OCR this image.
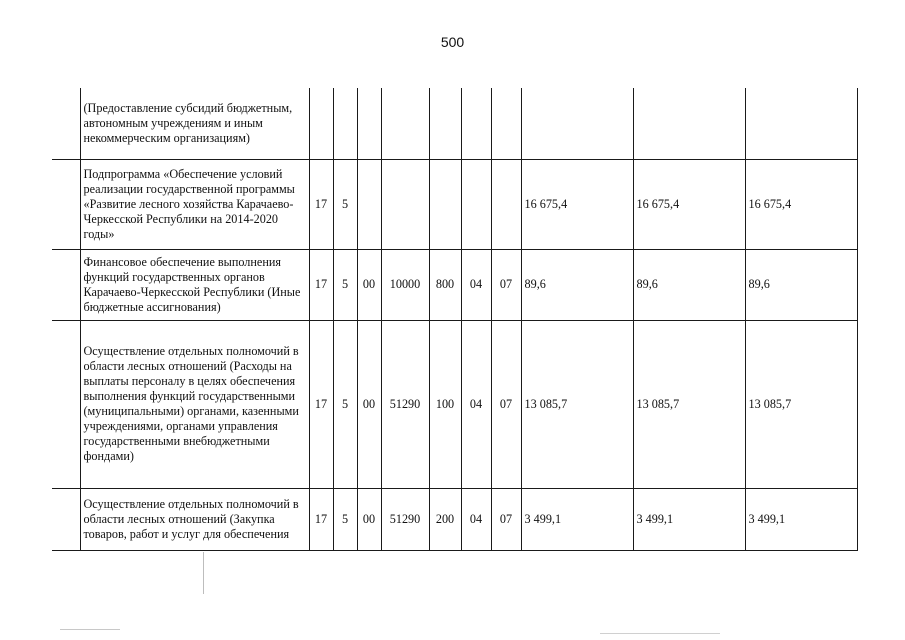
500
	(Предоставление субсидий бюджетным, автономным учреждениям и иным некоммерческим организациям)										
	Подпрограмма «Обеспечение условий реализации государственной программы «Развитие лесного хозяйства Карачаево-Черкесской Республики на 2014-2020 годы»	17	5						16 675,4	16 675,4	16 675,4
	Финансовое обеспечение выполнения функций государственных органов Карачаево-Черкесской Республики (Иные бюджетные ассигнования)	17	5	00	10000	800	04	07	89,6	89,6	89,6
	Осуществление отдельных полномочий в области лесных отношений (Расходы на выплаты персоналу в целях обеспечения выполнения функций государственными (муниципальными) органами, казенными учреждениями, органами управления государственными внебюджетными фондами)	17	5	00	51290	100	04	07	13 085,7	13 085,7	13 085,7
	Осуществление отдельных полномочий в области лесных отношений (Закупка товаров, работ и услуг для обеспечения	17	5	00	51290	200	04	07	3 499,1	3 499,1	3 499,1
